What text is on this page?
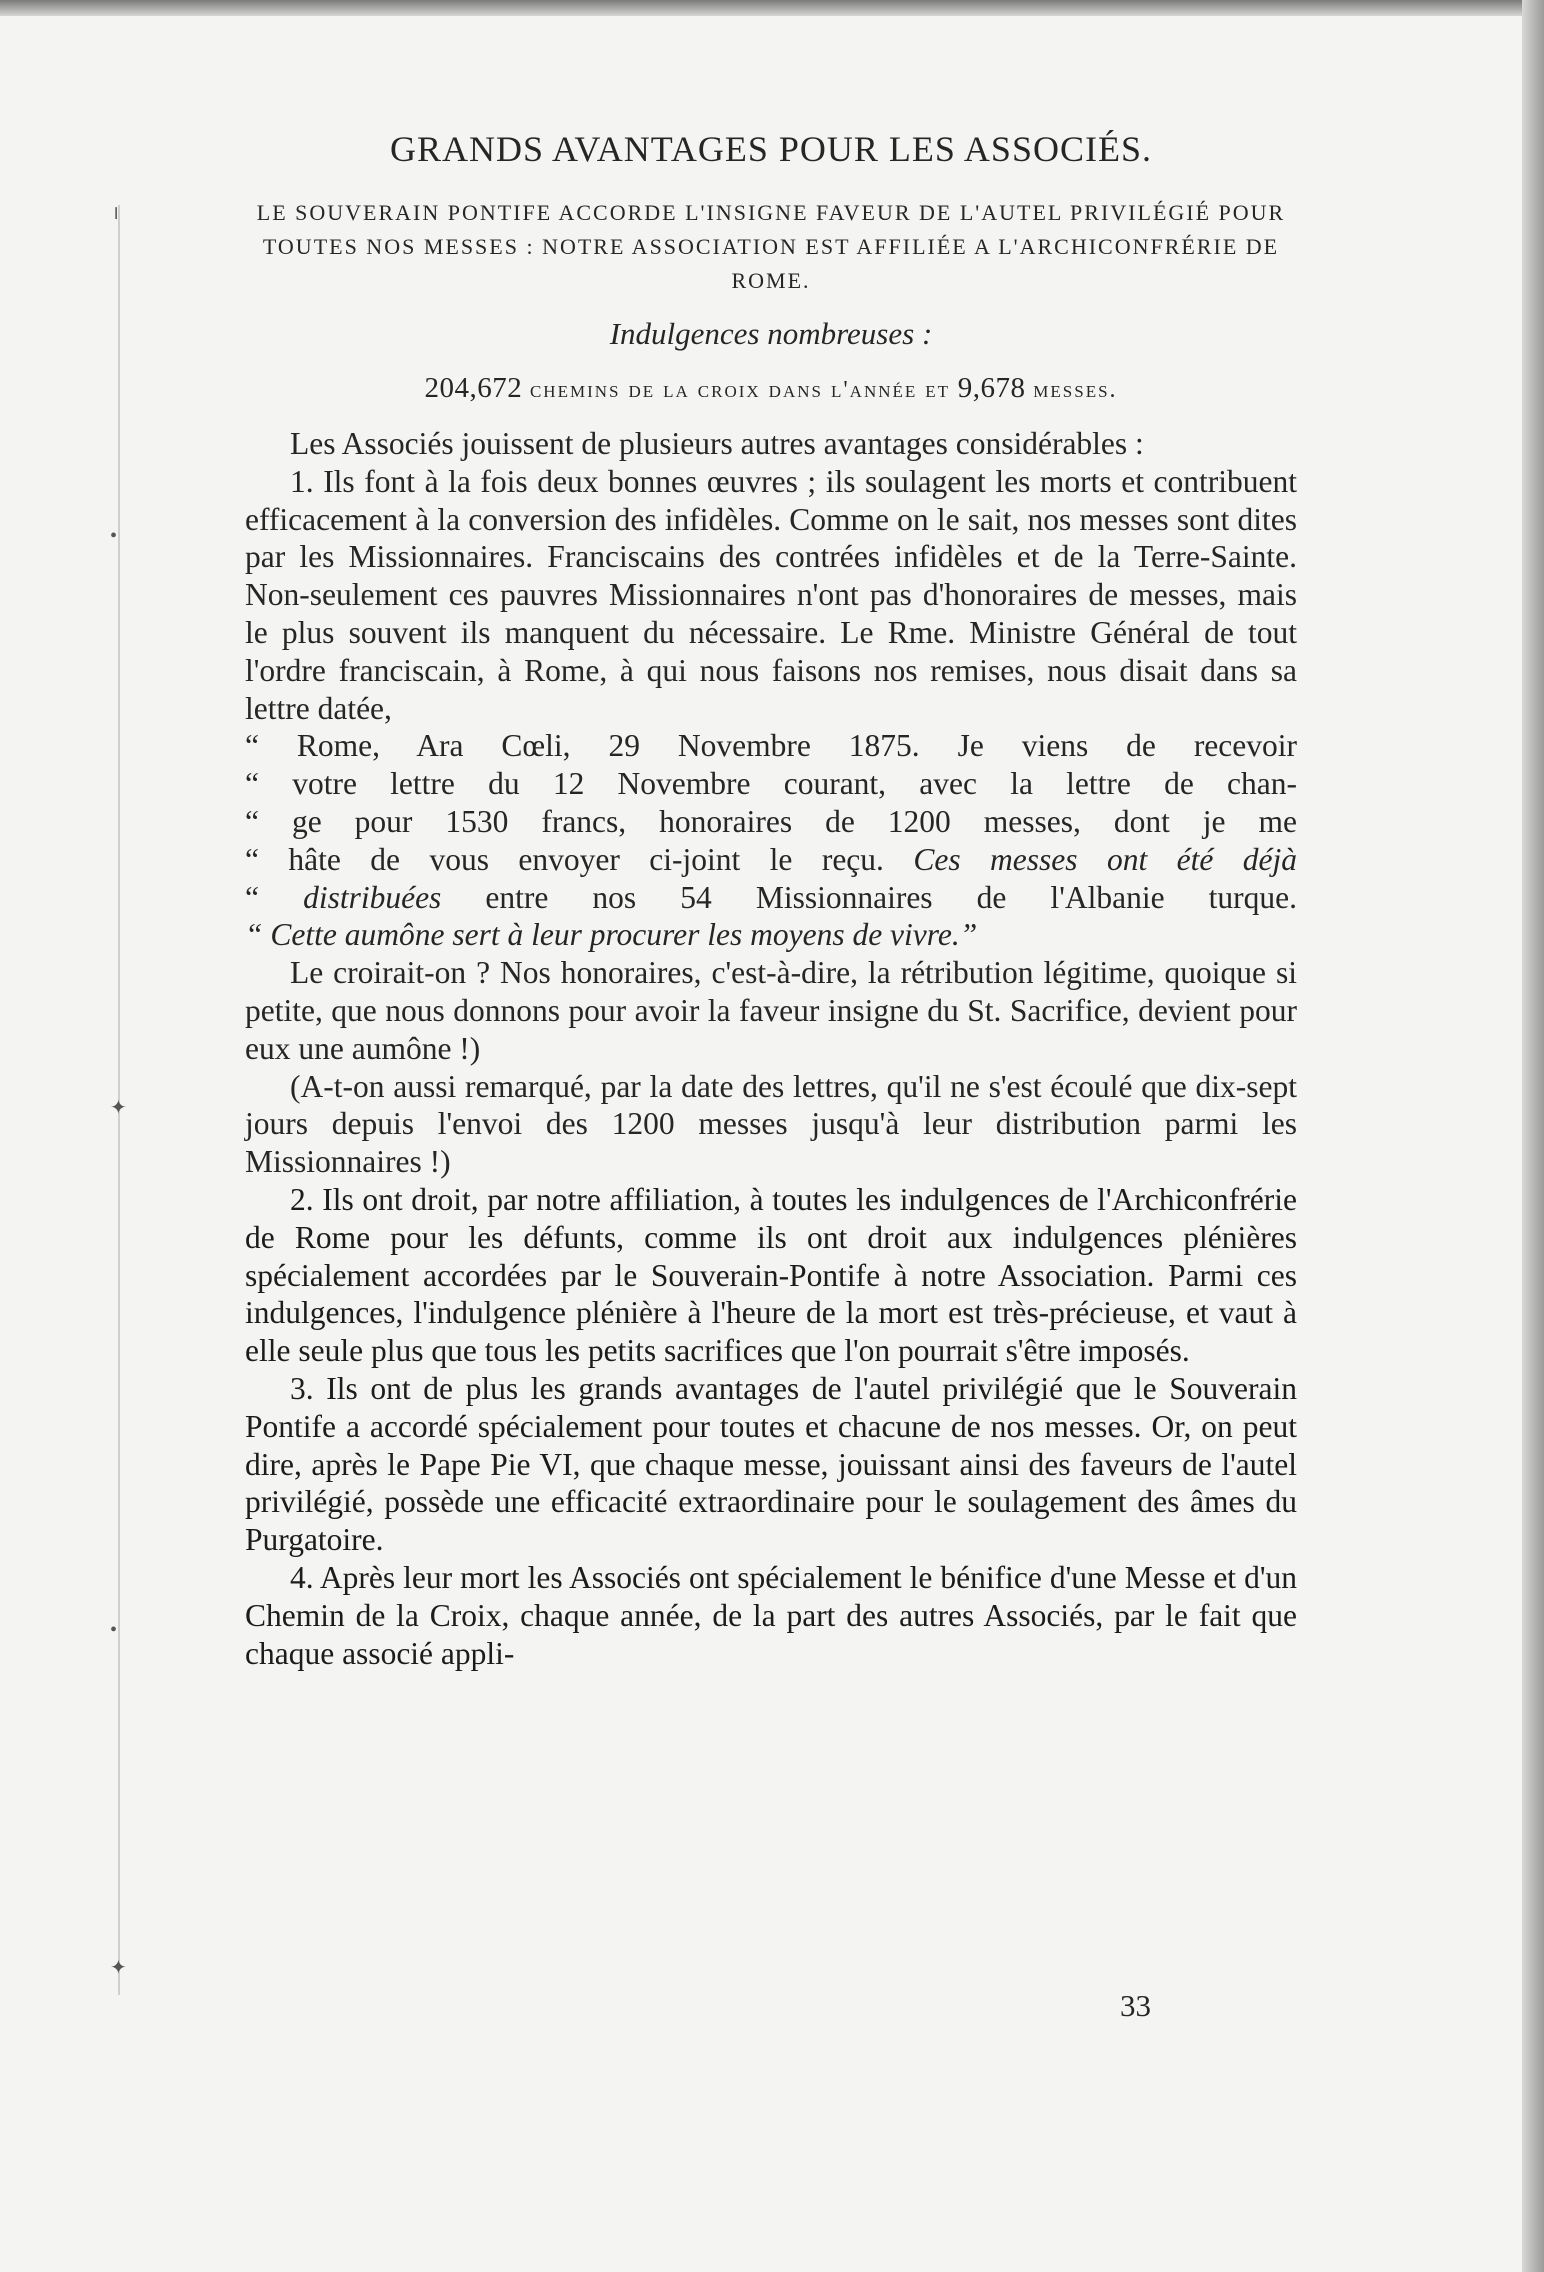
╵
•
✦
•
✦
GRANDS AVANTAGES POUR LES ASSOCIÉS.

LE SOUVERAIN PONTIFE ACCORDE L'INSIGNE FAVEUR DE L'AUTEL PRIVILÉGIÉ POUR TOUTES NOS MESSES : NOTRE ASSOCIATION EST AFFILIÉE A L'ARCHICONFRÉRIE DE ROME.

Indulgences nombreuses :

204,672 chemins de la croix dans l'année et 9,678 messes.

Les Associés jouissent de plusieurs autres avantages considérables :

1. Ils font à la fois deux bonnes œuvres ; ils soulagent les morts et contribuent efficacement à la conversion des infidèles. Comme on le sait, nos messes sont dites par les Missionnaires. Franciscains des contrées infidèles et de la Terre-Sainte. Non-seulement ces pauvres Missionnaires n'ont pas d'honoraires de messes, mais le plus souvent ils manquent du nécessaire. Le Rme. Ministre Général de tout l'ordre franciscain, à Rome, à qui nous faisons nos remises, nous disait dans sa lettre datée,

“ Rome, Ara Cœli, 29 Novembre 1875. Je viens de recevoir

“ votre lettre du 12 Novembre courant, avec la lettre de chan-

“ ge pour 1530 francs, honoraires de 1200 messes, dont je me

“ hâte de vous envoyer ci-joint le reçu. Ces messes ont été déjà

“ distribuées entre nos 54 Missionnaires de l'Albanie turque.

“ Cette aumône sert à leur procurer les moyens de vivre.”

Le croirait-on ? Nos honoraires, c'est-à-dire, la rétribution légitime, quoique si petite, que nous donnons pour avoir la faveur insigne du St. Sacrifice, devient pour eux une aumône !)

(A-t-on aussi remarqué, par la date des lettres, qu'il ne s'est écoulé que dix-sept jours depuis l'envoi des 1200 messes jusqu'à leur distribution parmi les Missionnaires !)

2. Ils ont droit, par notre affiliation, à toutes les indulgences de l'Archiconfrérie de Rome pour les défunts, comme ils ont droit aux indulgences plénières spécialement accordées par le Souverain-Pontife à notre Association. Parmi ces indulgences, l'indulgence plénière à l'heure de la mort est très-précieuse, et vaut à elle seule plus que tous les petits sacrifices que l'on pourrait s'être imposés.

3. Ils ont de plus les grands avantages de l'autel privilégié que le Souverain Pontife a accordé spécialement pour toutes et chacune de nos messes. Or, on peut dire, après le Pape Pie VI, que chaque messe, jouissant ainsi des faveurs de l'autel privilégié, possède une efficacité extraordinaire pour le soulagement des âmes du Purgatoire.

4. Après leur mort les Associés ont spécialement le bénifice d'une Messe et d'un Chemin de la Croix, chaque année, de la part des autres Associés, par le fait que chaque associé appli-

33
